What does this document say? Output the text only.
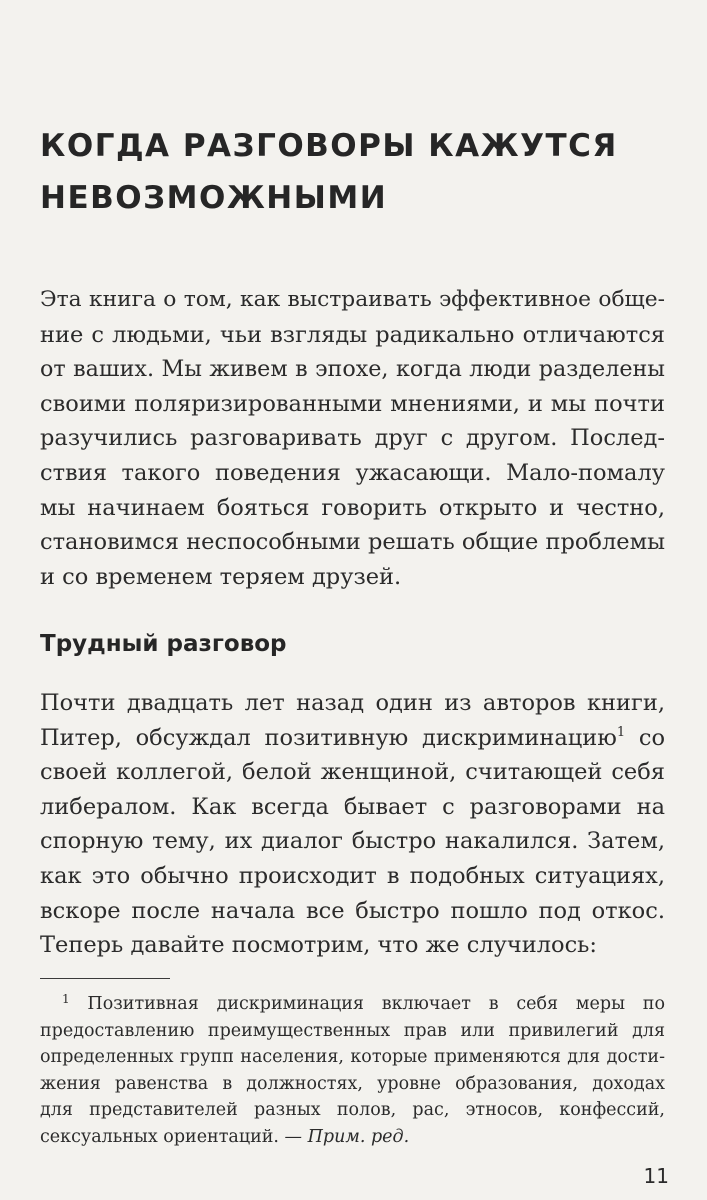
КОГДА РАЗГОВОРЫ КАЖУТСЯ
НЕВОЗМОЖНЫМИ
Эта книга о том, как выстраивать эффективное обще-
ние с людьми, чьи взгляды радикально отличаются
от ваших. Мы живем в эпохе, когда люди разделены
своими поляризированными мнениями, и мы почти
разучились разговаривать друг с другом. Послед-
ствия такого поведения ужасающи. Мало-помалу
мы начинаем бояться говорить открыто и честно,
становимся неспособными решать общие проблемы
и со временем теряем друзей.
Трудный разговор
Почти двадцать лет назад один из авторов книги,
Питер, обсуждал позитивную дискриминацию$^1$ со
своей коллегой, белой женщиной, считающей себя
либералом. Как всегда бывает с разговорами на
спорную тему, их диалог быстро накалился. Затем,
как это обычно происходит в подобных ситуациях,
вскоре после начала все быстро пошло под откос.
Теперь давайте посмотрим, что же случилось:
$^1$ Позитивная дискриминация включает в себя меры по
предоставлению преимущественных прав или привилегий для
определенных групп населения, которые применяются для дости-
жения равенства в должностях, уровне образования, доходах
для представителей разных полов, рас, этносов, конфессий,
сексуальных ориентаций. — Прим. ред.
11
